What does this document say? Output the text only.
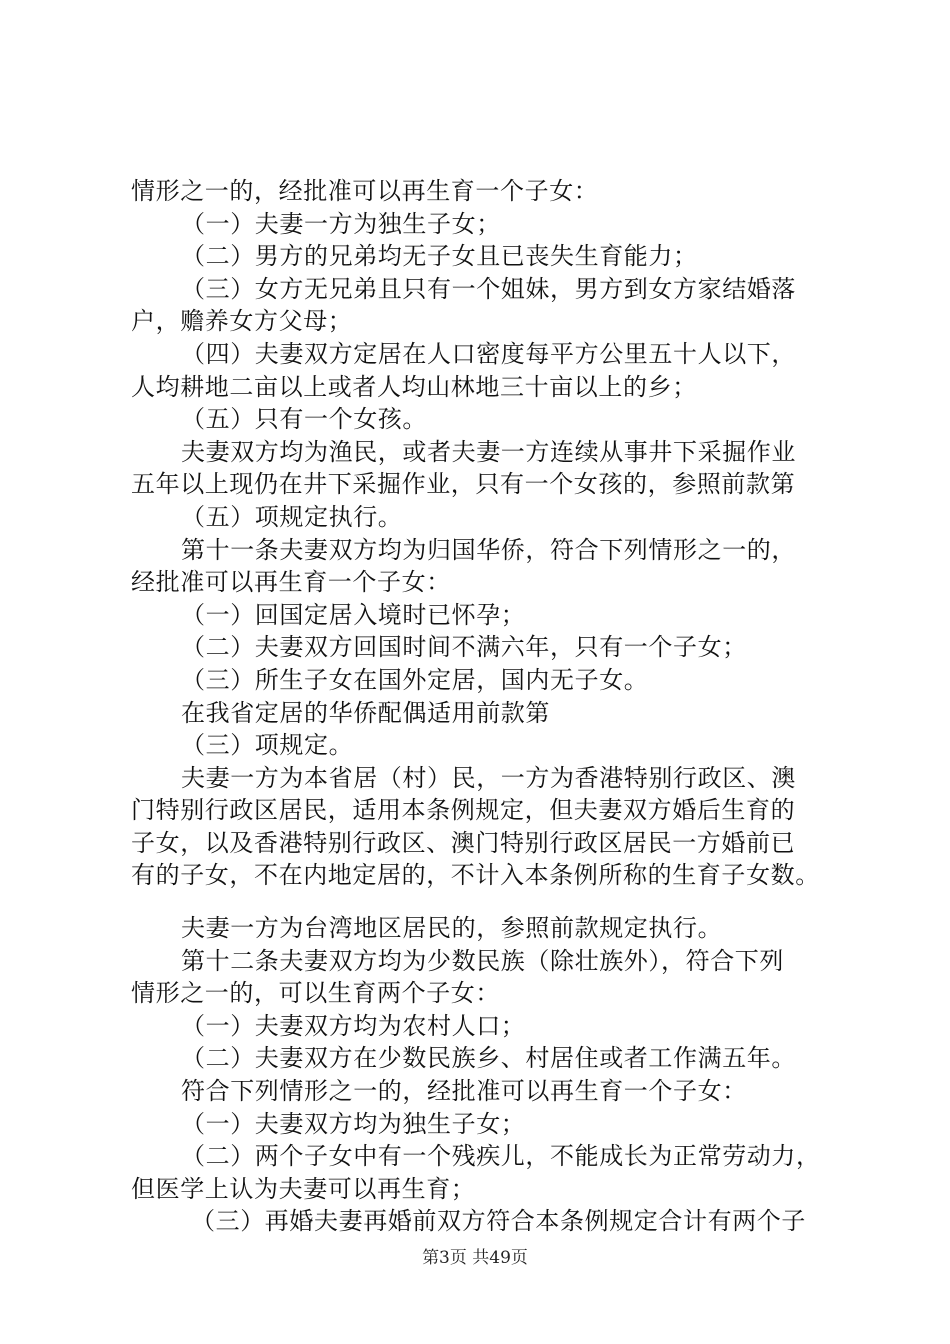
情形之一的，经批准可以再生育一个子女：
（一）夫妻一方为独生子女；
（二）男方的兄弟均无子女且已丧失生育能力；
（三）女方无兄弟且只有一个姐妹，男方到女方家结婚落
户，赡养女方父母；
（四）夫妻双方定居在人口密度每平方公里五十人以下，
人均耕地二亩以上或者人均山林地三十亩以上的乡；
（五）只有一个女孩。
夫妻双方均为渔民，或者夫妻一方连续从事井下采掘作业
五年以上现仍在井下采掘作业，只有一个女孩的，参照前款第
（五）项规定执行。
第十一条夫妻双方均为归国华侨，符合下列情形之一的，
经批准可以再生育一个子女：
（一）回国定居入境时已怀孕；
（二）夫妻双方回国时间不满六年，只有一个子女；
（三）所生子女在国外定居，国内无子女。
在我省定居的华侨配偶适用前款第
（三）项规定。
夫妻一方为本省居（村）民，一方为香港特别行政区、澳
门特别行政区居民，适用本条例规定，但夫妻双方婚后生育的
子女，以及香港特别行政区、澳门特别行政区居民一方婚前已
有的子女，不在内地定居的，不计入本条例所称的生育子女数。
夫妻一方为台湾地区居民的，参照前款规定执行。
第十二条夫妻双方均为少数民族（除壮族外），符合下列
情形之一的，可以生育两个子女：
（一）夫妻双方均为农村人口；
（二）夫妻双方在少数民族乡、村居住或者工作满五年。
符合下列情形之一的，经批准可以再生育一个子女：
（一）夫妻双方均为独生子女；
（二）两个子女中有一个残疾儿，不能成长为正常劳动力，
但医学上认为夫妻可以再生育；
（三）再婚夫妻再婚前双方符合本条例规定合计有两个子
第3页 共49页
